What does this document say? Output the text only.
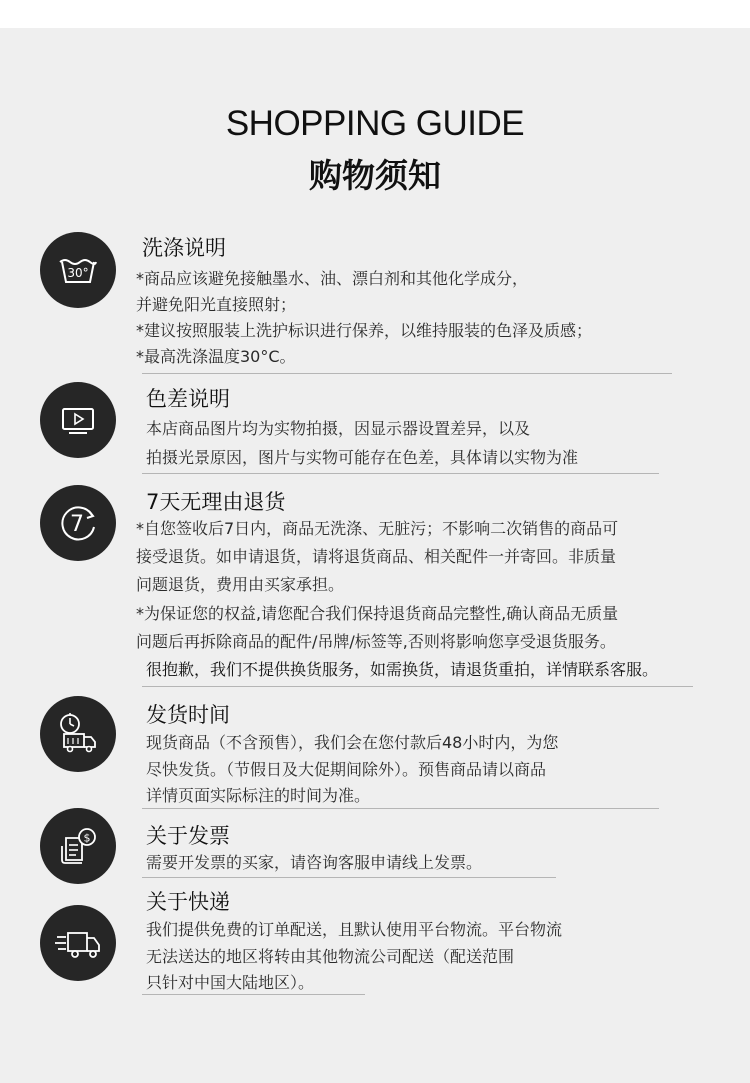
SHOPPING GUIDE
购物须知
30°
洗涤说明
*商品应该避免接触墨水、油、漂白剂和其他化学成分，
并避免阳光直接照射；
*建议按照服装上洗护标识进行保养，以维持服装的色泽及质感；
*最高洗涤温度30°C。
色差说明
本店商品图片均为实物拍摄，因显示器设置差异，以及
拍摄光景原因，图片与实物可能存在色差，具体请以实物为准
7
7天无理由退货
*自您签收后7日内，商品无洗涤、无脏污；不影响二次销售的商品可
接受退货。如申请退货，请将退货商品、相关配件一并寄回。非质量
问题退货，费用由买家承担。
*为保证您的权益,请您配合我们保持退货商品完整性,确认商品无质量
问题后再拆除商品的配件/吊牌/标签等,否则将影响您享受退货服务。
很抱歉，我们不提供换货服务，如需换货，请退货重拍，详情联系客服。
发货时间
现货商品（不含预售），我们会在您付款后48小时内，为您
尽快发货。（节假日及大促期间除外）。预售商品请以商品
详情页面实际标注的时间为准。
$	关于发票
需要开发票的买家，请咨询客服申请线上发票。
关于快递
我们提供免费的订单配送，且默认使用平台物流。平台物流
无法送达的地区将转由其他物流公司配送（配送范围
只针对中国大陆地区）。
